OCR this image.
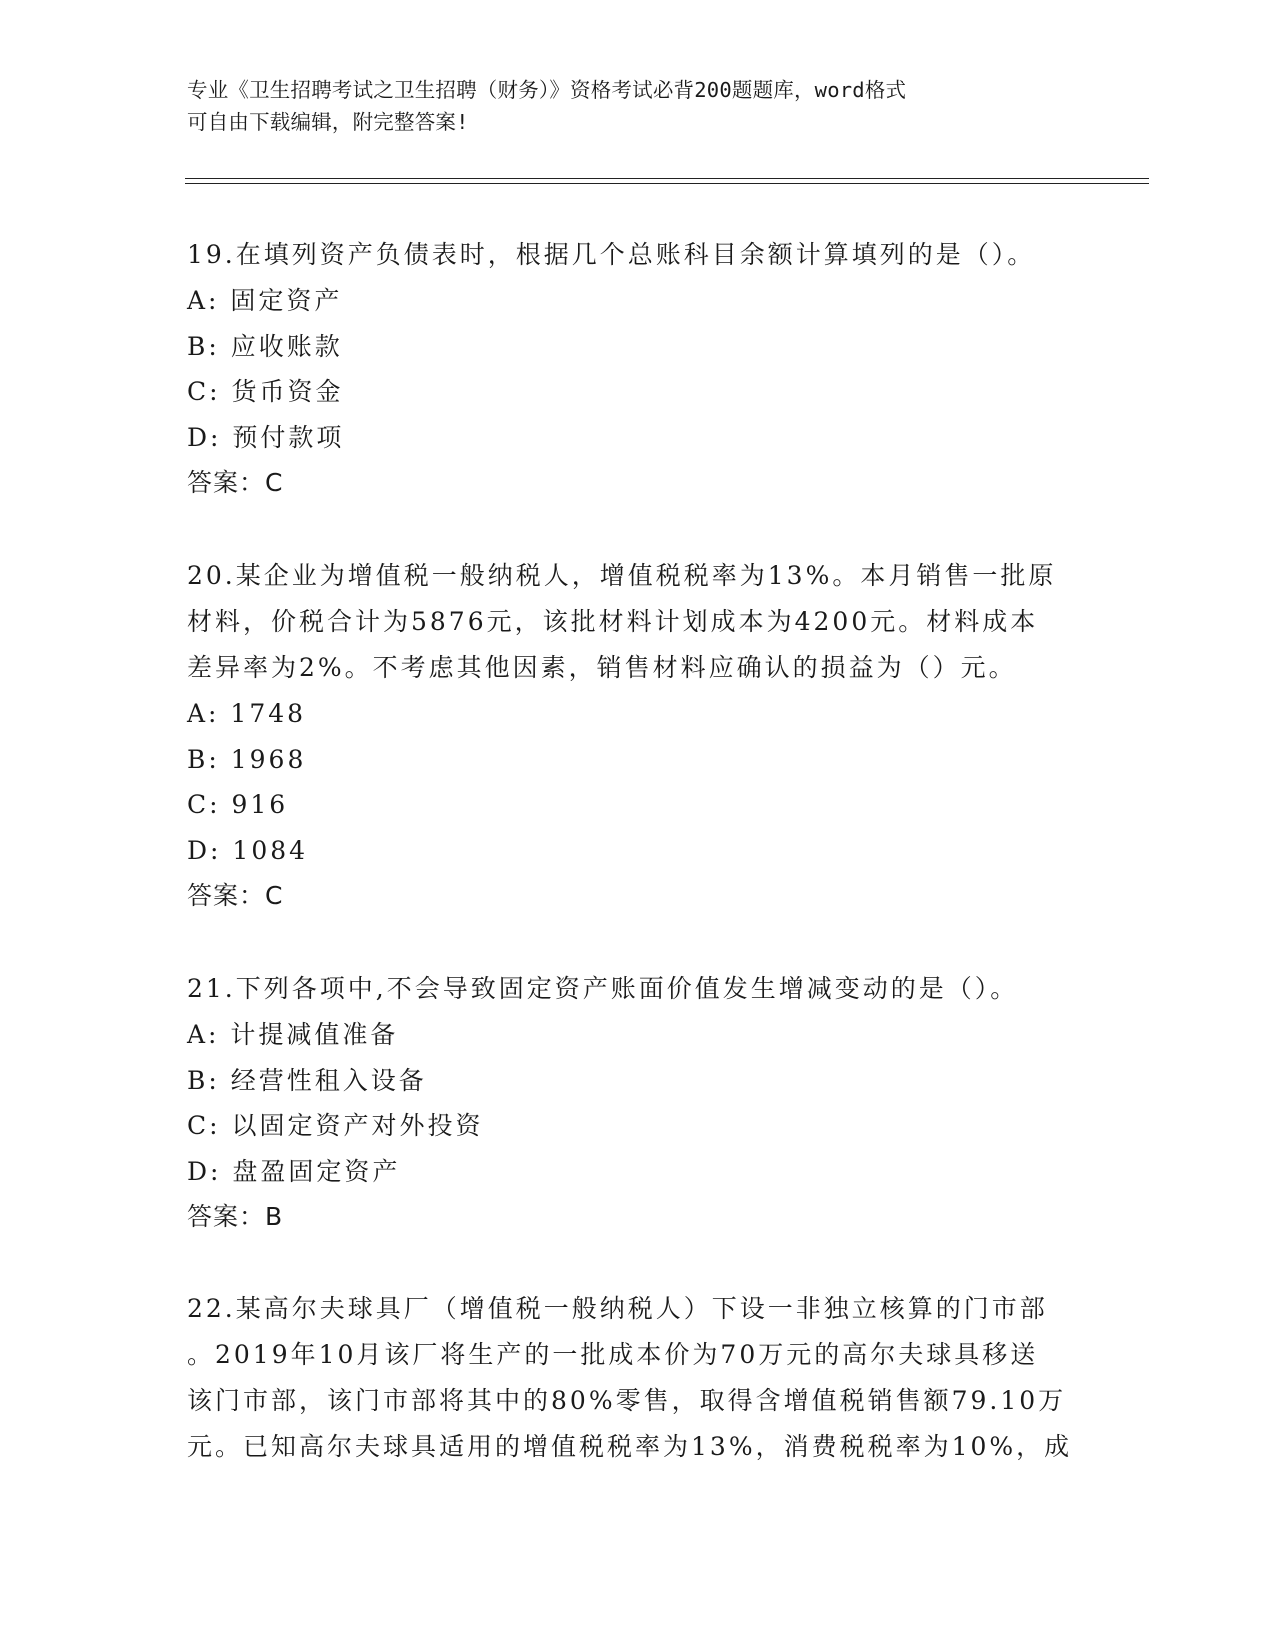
专业《卫生招聘考试之卫生招聘（财务）》资格考试必背200题题库，word格式
可自由下载编辑，附完整答案!

19.在填列资产负债表时，根据几个总账科目余额计算填列的是（）。

A: 固定资产

B: 应收账款

C: 货币资金

D: 预付款项

答案：C

20.某企业为增值税一般纳税人，增值税税率为13%。本月销售一批原

材料，价税合计为5876元，该批材料计划成本为4200元。材料成本

差异率为2%。不考虑其他因素，销售材料应确认的损益为（）元。

A: 1748

B: 1968

C: 916

D: 1084

答案：C

21.下列各项中,不会导致固定资产账面价值发生增减变动的是（）。

A: 计提减值准备

B: 经营性租入设备

C: 以固定资产对外投资

D: 盘盈固定资产

答案：B

22.某高尔夫球具厂（增值税一般纳税人）下设一非独立核算的门市部

。2019年10月该厂将生产的一批成本价为70万元的高尔夫球具移送

该门市部，该门市部将其中的80%零售，取得含增值税销售额79.10万

元。已知高尔夫球具适用的增值税税率为13%，消费税税率为10%，成
